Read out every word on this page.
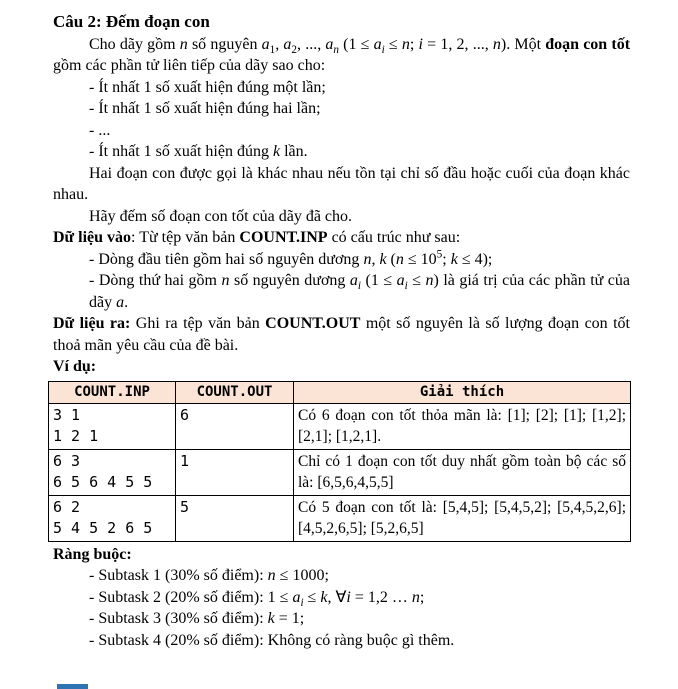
Câu 2: Đếm đoạn con

Cho dãy gồm n số nguyên $a_1$, $a_2$, ..., $a_n$ ($1 \le a_i \le n$; i = 1, 2, ..., n). Một đoạn con tốt gồm các phần tử liên tiếp của dãy sao cho:

- Ít nhất 1 số xuất hiện đúng một lần;

- Ít nhất 1 số xuất hiện đúng hai lần;

- ...

- Ít nhất 1 số xuất hiện đúng k lần.

Hai đoạn con được gọi là khác nhau nếu tồn tại chỉ số đầu hoặc cuối của đoạn khác nhau.

Hãy đếm số đoạn con tốt của dãy đã cho.

Dữ liệu vào: Từ tệp văn bản COUNT.INP có cấu trúc như sau:

- Dòng đầu tiên gồm hai số nguyên dương n, k ($n \le 10^5$; k ≤ 4);

- Dòng thứ hai gồm n số nguyên dương $a_i$ $(1 \le a_i \le n)$ là giá trị của các phần tử của dãy a.

Dữ liệu ra: Ghi ra tệp văn bản COUNT.OUT một số nguyên là số lượng đoạn con tốt thoả mãn yêu cầu của đề bài.

Ví dụ:

COUNT.INP	COUNT.OUT	Giải thích

3 1
1 2 1	6	Có 6 đoạn con tốt thỏa mãn là: [1]; [2]; [1]; [1,2]; [2,1]; [1,2,1].

6 3
6 5 6 4 5 5	1	Chỉ có 1 đoạn con tốt duy nhất gồm toàn bộ các số là: [6,5,6,4,5,5]

6 2
5 4 5 2 6 5	5	Có 5 đoạn con tốt là: [5,4,5]; [5,4,5,2]; [5,4,5,2,6]; [4,5,2,6,5]; [5,2,6,5]

Ràng buộc:

- Subtask 1 (30% số điểm): n ≤ 1000;

- Subtask 2 (20% số điểm): $1 \le a_i \le k$, ∀i = 1,2 … n;

- Subtask 3 (30% số điểm): k = 1;

- Subtask 4 (20% số điểm): Không có ràng buộc gì thêm.
